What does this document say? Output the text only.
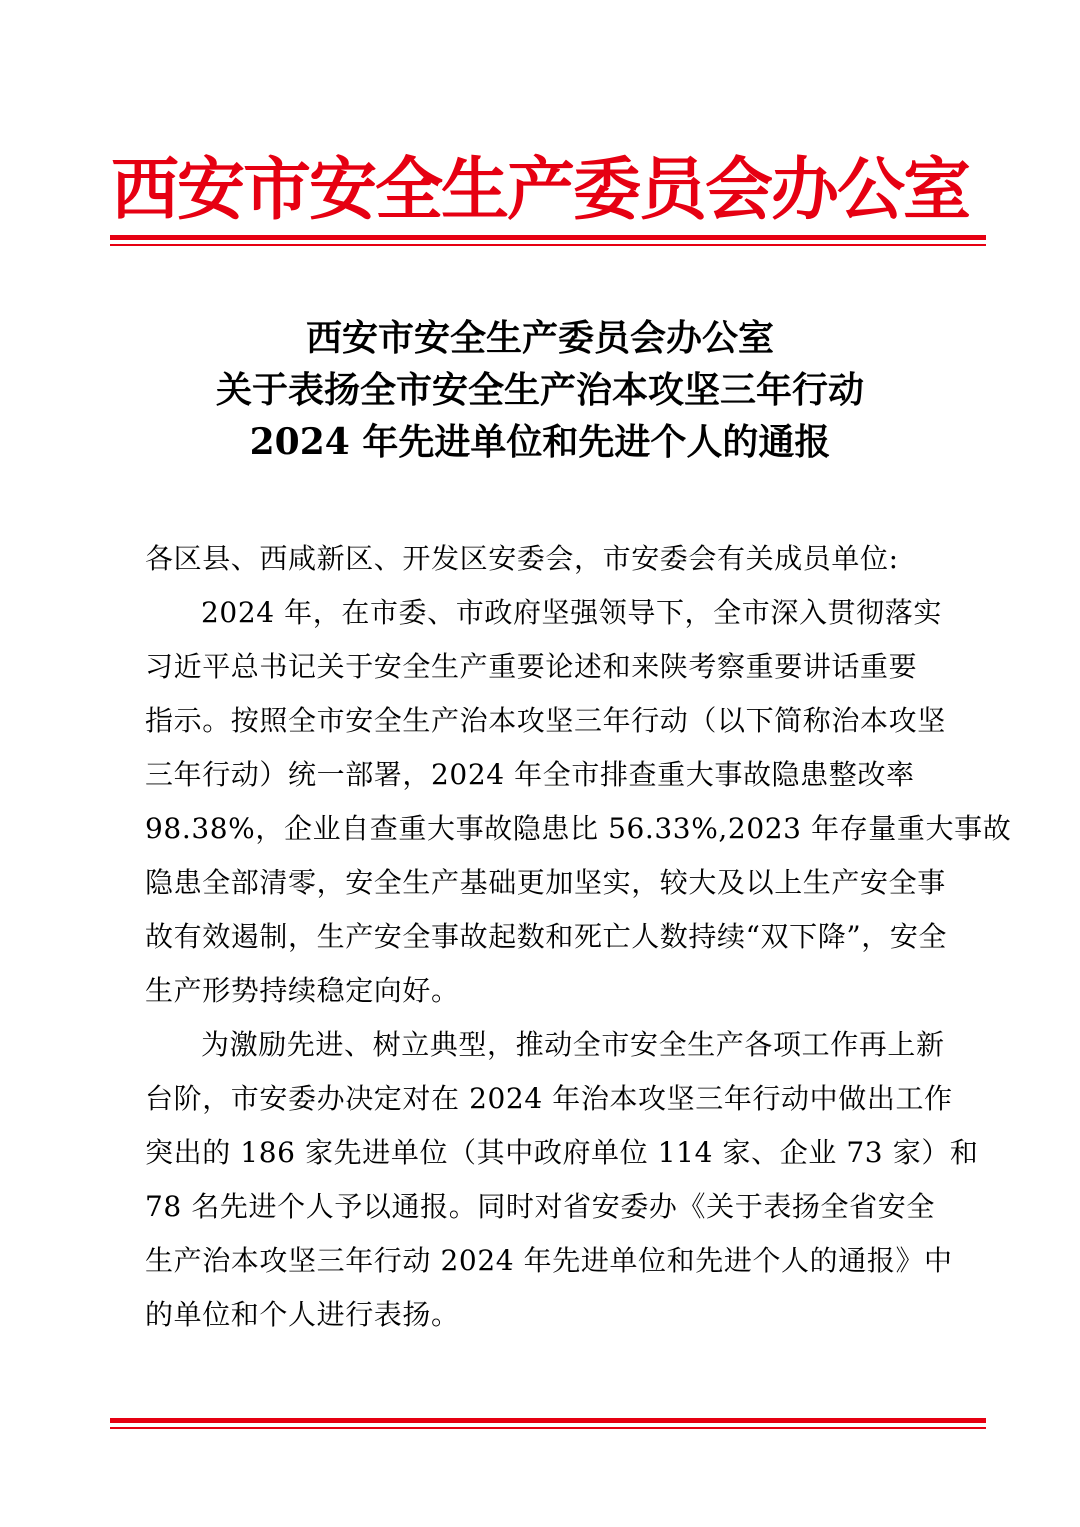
西安市安全生产委员会办公室
西安市安全生产委员会办公室
关于表扬全市安全生产治本攻坚三年行动
2024 年先进单位和先进个人的通报
各区县、西咸新区、开发区安委会，市安委会有关成员单位:
2024 年，在市委、市政府坚强领导下，全市深入贯彻落实
习近平总书记关于安全生产重要论述和来陕考察重要讲话重要
指示。按照全市安全生产治本攻坚三年行动（以下简称治本攻坚
三年行动）统一部署，2024 年全市排查重大事故隐患整改率
98.38%，企业自查重大事故隐患比 56.33%,2023 年存量重大事故
隐患全部清零，安全生产基础更加坚实，较大及以上生产安全事
故有效遏制，生产安全事故起数和死亡人数持续“双下降”，安全
生产形势持续稳定向好。
为激励先进、树立典型，推动全市安全生产各项工作再上新
台阶，市安委办决定对在 2024 年治本攻坚三年行动中做出工作
突出的 186 家先进单位（其中政府单位 114 家、企业 73 家）和
78 名先进个人予以通报。同时对省安委办《关于表扬全省安全
生产治本攻坚三年行动 2024 年先进单位和先进个人的通报》中
的单位和个人进行表扬。
